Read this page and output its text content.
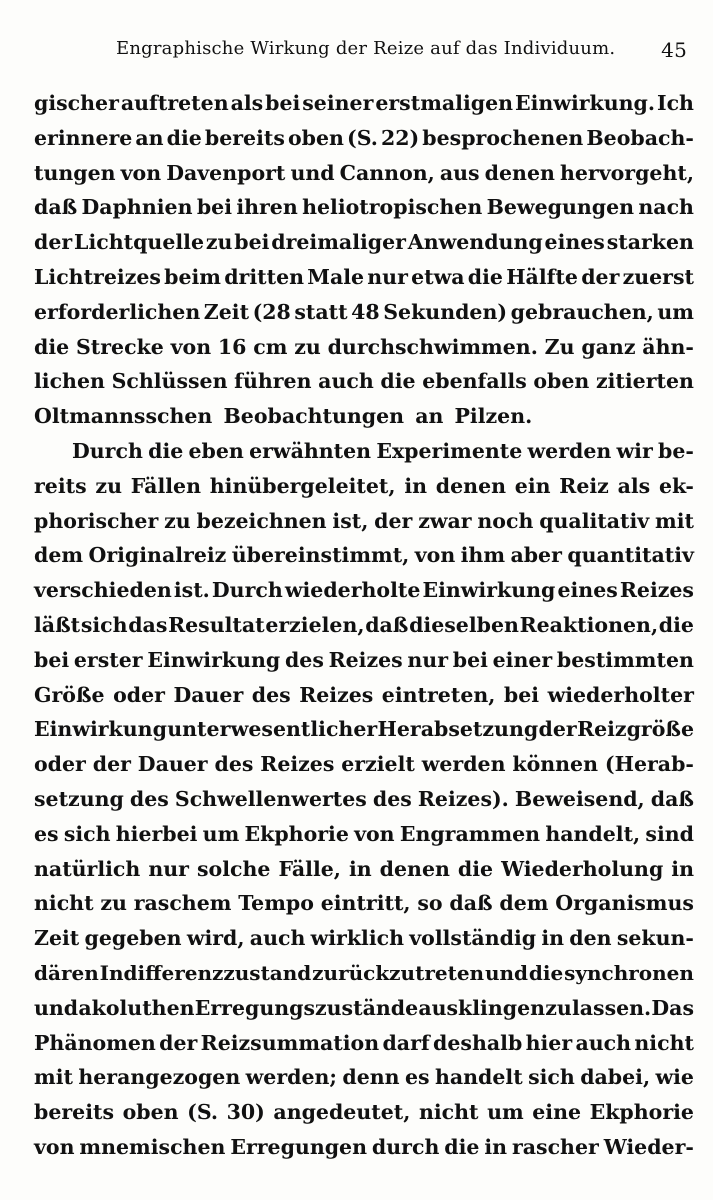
Engraphische Wirkung der Reize auf das Individuum. 45
gischer auftreten als bei seiner erstmaligen Einwirkung. Ich
erinnere an die bereits oben (S. 22) besprochenen Beobach-
tungen von Davenport und Cannon, aus denen hervorgeht,
daß Daphnien bei ihren heliotropischen Bewegungen nach
der Lichtquelle zu bei dreimaliger Anwendung eines starken
Lichtreizes beim dritten Male nur etwa die Hälfte der zuerst
erforderlichen Zeit (28 statt 48 Sekunden) gebrauchen, um
die Strecke von 16 cm zu durchschwimmen. Zu ganz ähn-
lichen Schlüssen führen auch die ebenfalls oben zitierten
Oltmannsschen Beobachtungen an Pilzen.
Durch die eben erwähnten Experimente werden wir be-
reits zu Fällen hinübergeleitet, in denen ein Reiz als ek-
phorischer zu bezeichnen ist, der zwar noch qualitativ mit
dem Originalreiz übereinstimmt, von ihm aber quantitativ
verschieden ist. Durch wiederholte Einwirkung eines Reizes
läßt sich das Resultat erzielen, daß dieselben Reaktionen, die
bei erster Einwirkung des Reizes nur bei einer bestimmten
Größe oder Dauer des Reizes eintreten, bei wiederholter
Einwirkung unter wesentlicher Herabsetzung der Reizgröße
oder der Dauer des Reizes erzielt werden können (Herab-
setzung des Schwellenwertes des Reizes). Beweisend, daß
es sich hierbei um Ekphorie von Engrammen handelt, sind
natürlich nur solche Fälle, in denen die Wiederholung in
nicht zu raschem Tempo eintritt, so daß dem Organismus
Zeit gegeben wird, auch wirklich vollständig in den sekun-
dären Indifferenzzustand zurückzutreten und die synchronen
und akoluthen Erregungszustände ausklingen zu lassen. Das
Phänomen der Reizsummation darf deshalb hier auch nicht
mit herangezogen werden; denn es handelt sich dabei, wie
bereits oben (S. 30) angedeutet, nicht um eine Ekphorie
von mnemischen Erregungen durch die in rascher Wieder-
